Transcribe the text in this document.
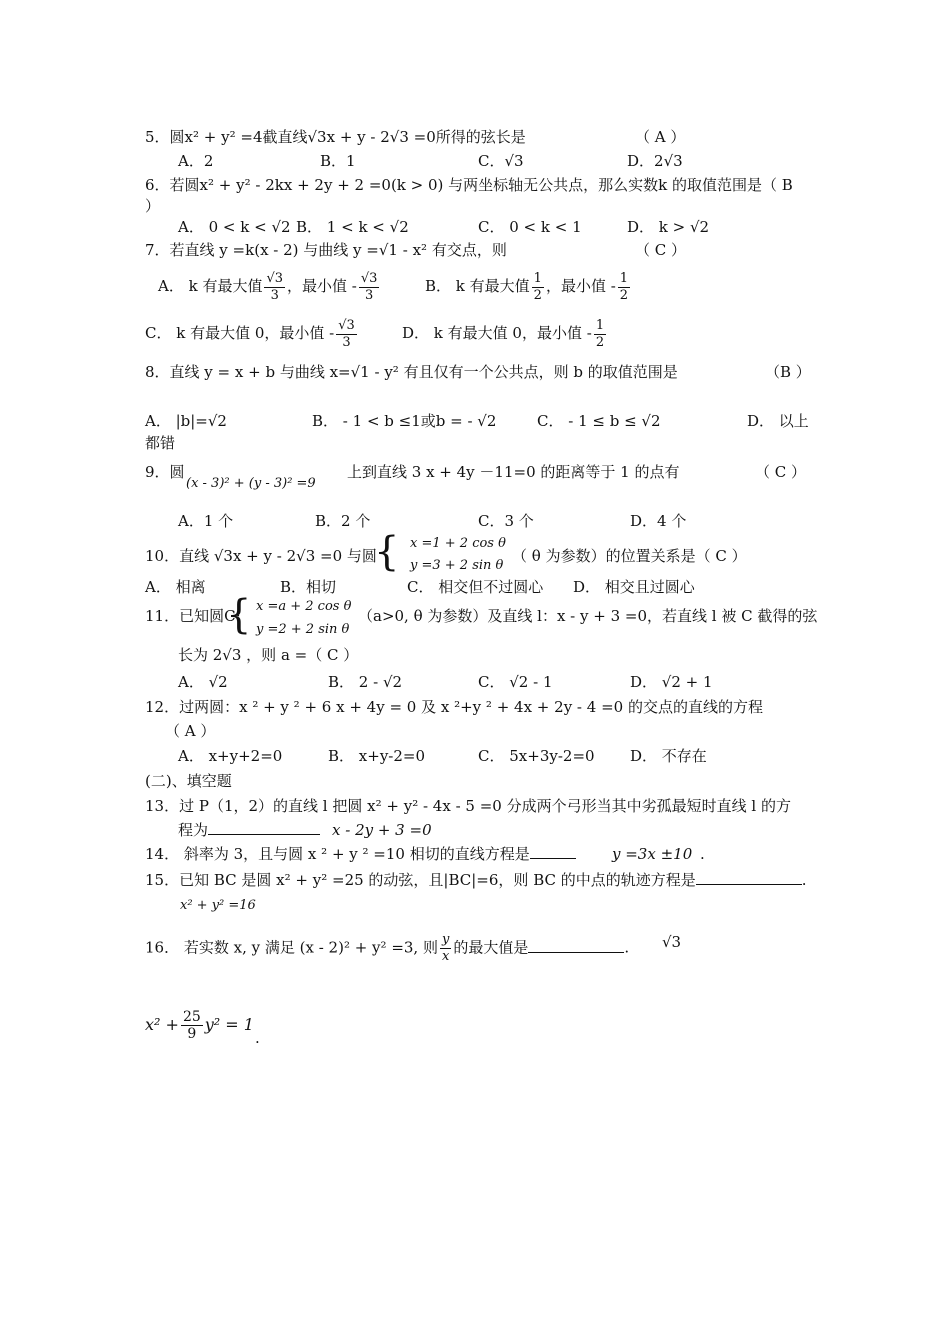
5．圆x² + y² =4截直线√3x + y - 2√3 =0所得的弦长是	（ A ）
A．2	B．1	C．√3	D．2√3
6．若圆x² + y² - 2kx + 2y + 2 =0(k > 0) 与两坐标轴无公共点，那么实数k 的取值范围是（ B
）
A． 0 < k < √2 B． 1 < k < √2	C． 0 < k < 1	D． k > √2
7．若直线 y =k(x - 2) 与曲线 y =√1 - x² 有交点，则	（ C ）
A． k 有最大值 $\frac{√3}{3}$ ，最小值 - $\frac{√3}{3}$	B． k 有最大值 $\frac{1}{2}$ ，最小值 - $\frac{1}{2}$
C． k 有最大值 0，最小值 - $\frac{√3}{3}$	D． k 有最大值 0，最小值 - $\frac{1}{2}$
8．直线 y = x + b 与曲线 x=√1 - y² 有且仅有一个公共点，则 b 的取值范围是	（B ）
A． |b|=√2	B． - 1 < b ≤1或b = - √2	C． - 1 ≤ b ≤ √2	D． 以上
都错
9．圆
(x - 3)² + (y - 3)² =9
上到直线 3 x + 4y －11=0 的距离等于 1 的点有	（ C ）
A．1 个	B．2 个	C．3 个	D．4 个
10．直线 √3x + y - 2√3 =0 与圆
{ x =1 + 2 cos θ
y =3 + 2 sin θ
（ θ 为参数）的位置关系是（ C ）
A． 相离	B．相切	C． 相交但不过圆心 D． 相交且过圆心
11．已知圆C:
{ x =a + 2 cos θ
y =2 + 2 sin θ
（a>0, θ 为参数）及直线 l：x - y + 3 =0，若直线 l 被 C 截得的弦
长为 2√3 ，则 a =（ C ）
A． √2	B． 2 - √2	C． √2 - 1	D． √2 + 1
12．过两圆：x ² + y ² + 6 x + 4y = 0 及 x ²+y ² + 4x + 2y - 4 =0 的交点的直线的方程
（ A ）
A． x+y+2=0	B． x+y-2=0	C． 5x+3y-2=0 D． 不存在
(二)、填空题
13．过 P（1，2）的直线 l 把圆 x² + y² - 4x - 5 =0 分成两个弓形当其中劣孤最短时直线 l 的方
程为	x - 2y + 3 =0
14． 斜率为 3，且与圆 x ² + y ² =10 相切的直线方程是	y =3x ±10 .
15．已知 BC 是圆 x² + y² =25 的动弦，且|BC|=6，则 BC 的中点的轨迹方程是	.
x² + y² =16
16． 若实数 x, y 满足 (x - 2)² + y² =3, 则 $\frac{y}{x}$ 的最大值是	. √3
$x^2 + \frac{25}{9} y^2 = 1$
.
